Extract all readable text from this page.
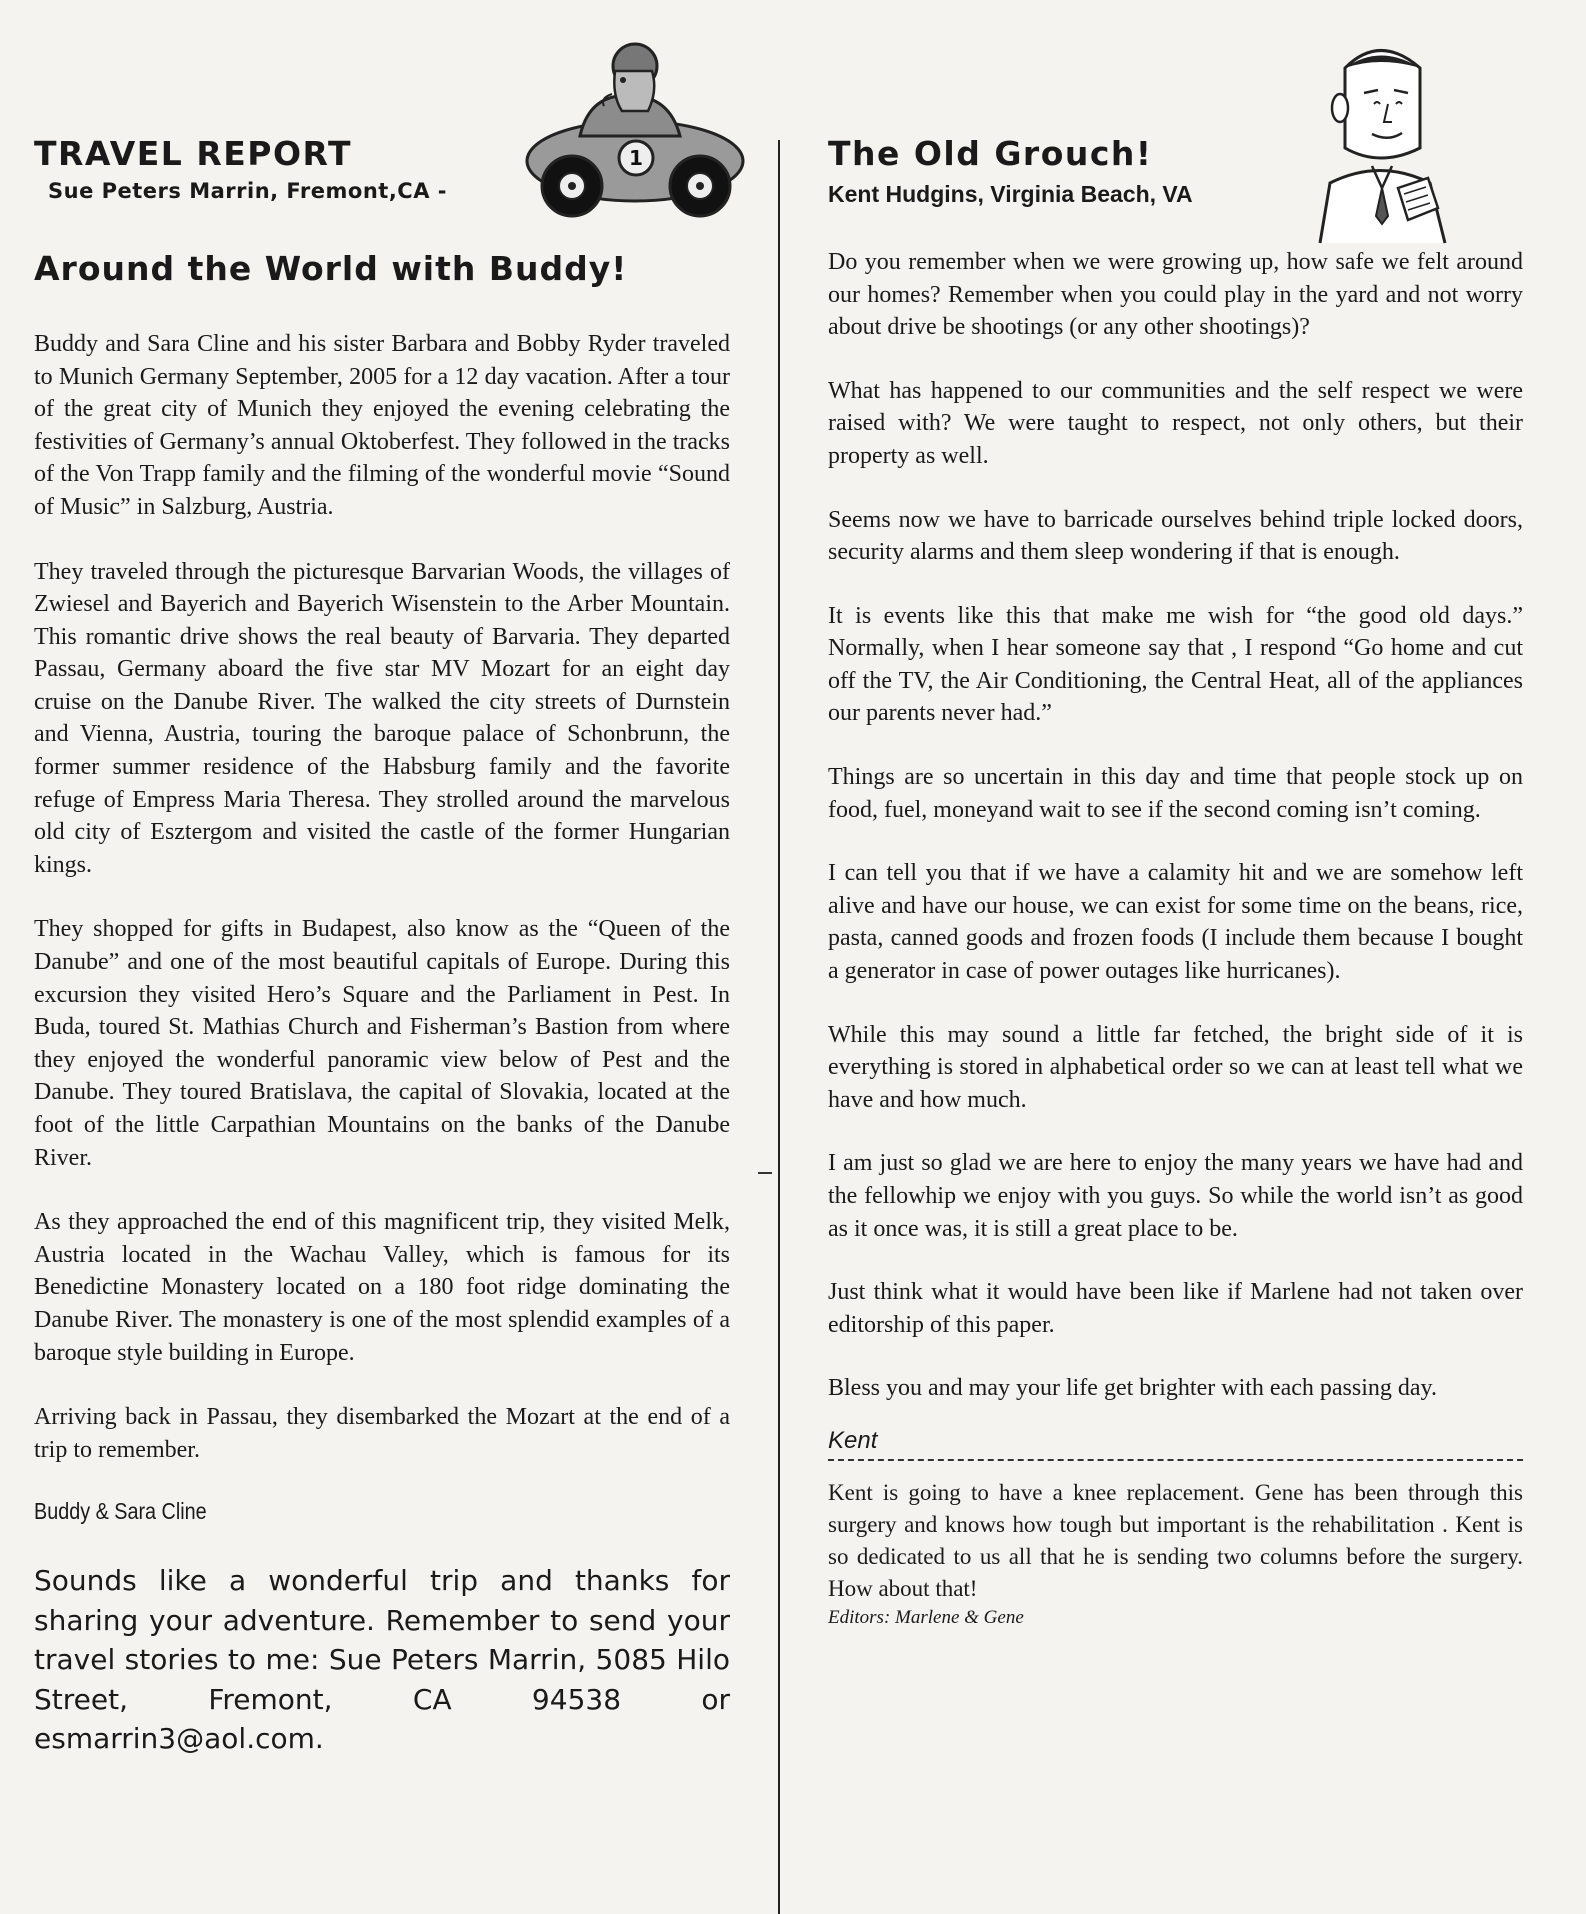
1
TRAVEL REPORT
Sue Peters Marrin, Fremont,CA -
Around the World with Buddy!

Buddy and Sara Cline and his sister Barbara and Bobby Ryder traveled to Munich Germany September, 2005 for a 12 day vacation. After a tour of the great city of Munich they enjoyed the evening celebrating the festivities of Germany’s annual Oktoberfest. They followed in the tracks of the Von Trapp family and the filming of the wonderful movie “Sound of Music” in Salzburg, Austria.

They traveled through the picturesque Barvarian Woods, the villages of Zwiesel and Bayerich and Bayerich Wisenstein to the Arber Mountain. This romantic drive shows the real beauty of Barvaria. They departed Passau, Germany aboard the five star MV Mozart for an eight day cruise on the Danube River. The walked the city streets of Durnstein and Vienna, Austria, touring the baroque palace of Schonbrunn, the former summer residence of the Habsburg family and the favorite refuge of Empress Maria Theresa. They strolled around the marvelous old city of Esztergom and visited the castle of the former Hungarian kings.

They shopped for gifts in Budapest, also know as the “Queen of the Danube” and one of the most beautiful capitals of Europe. During this excursion they visited Hero’s Square and the Parliament in Pest. In Buda, toured St. Mathias Church and Fisherman’s Bastion from where they enjoyed the wonderful panoramic view below of Pest and the Danube. They toured Bratislava, the capital of Slovakia, located at the foot of the little Carpathian Mountains on the banks of the Danube River.

As they approached the end of this magnificent trip, they visited Melk, Austria located in the Wachau Valley, which is famous for its Benedictine Monastery located on a 180 foot ridge dominating the Danube River. The monastery is one of the most splendid examples of a baroque style building in Europe.

Arriving back in Passau, they disembarked the Mozart at the end of a trip to remember.

Buddy & Sara Cline

Sounds like a wonderful trip and thanks for sharing your adventure. Remember to send your travel stories to me: Sue Peters Marrin, 5085 Hilo Street, Fremont, CA 94538 or esmarrin3@aol.com.

The Old Grouch!
Kent Hudgins, Virginia Beach, VA

Do you remember when we were growing up, how safe we felt around our homes? Remember when you could play in the yard and not worry about drive be shootings (or any other shootings)?

What has happened to our communities and the self respect we were raised with? We were taught to respect, not only others, but their property as well.

Seems now we have to barricade ourselves behind triple locked doors, security alarms and them sleep wondering if that is enough.

It is events like this that make me wish for “the good old days.” Normally, when I hear someone say that , I respond “Go home and cut off the TV, the Air Conditioning, the Central Heat, all of the appliances our parents never had.”

Things are so uncertain in this day and time that people stock up on food, fuel, moneyand wait to see if the second coming isn’t coming.

I can tell you that if we have a calamity hit and we are somehow left alive and have our house, we can exist for some time on the beans, rice, pasta, canned goods and frozen foods (I include them because I bought a generator in case of power outages like hurricanes).

While this may sound a little far fetched, the bright side of it is everything is stored in alphabetical order so we can at least tell what we have and how much.

I am just so glad we are here to enjoy the many years we have had and the fellowhip we enjoy with you guys. So while the world isn’t as good as it once was, it is still a great place to be.

Just think what it would have been like if Marlene had not taken over editorship of this paper.

Bless you and may your life get brighter with each passing day.

Kent

Kent is going to have a knee replacement. Gene has been through this surgery and knows how tough but important is the rehabilitation . Kent is so dedicated to us all that he is sending two columns before the surgery. How about that!

Editors: Marlene & Gene
